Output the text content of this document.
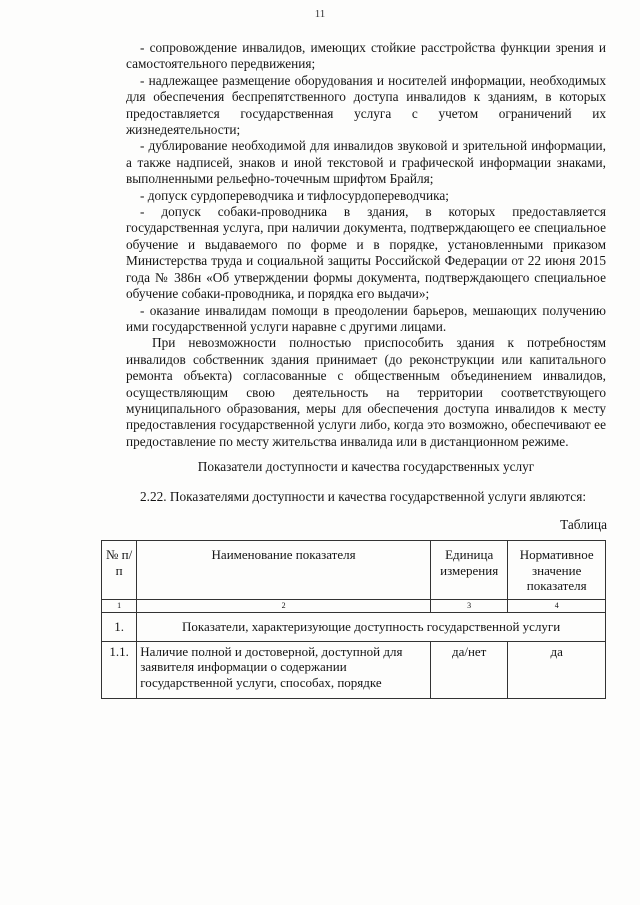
11

- сопровождение инвалидов, имеющих стойкие расстройства функции зрения и самостоятельного передвижения;

- надлежащее размещение оборудования и носителей информации, необходимых для обеспечения беспрепятственного доступа инвалидов к зданиям, в которых предоставляется государственная услуга с учетом ограничений их жизнедеятельности;

- дублирование необходимой для инвалидов звуковой и зрительной информации, а также надписей, знаков и иной текстовой и графической информации знаками, выполненными рельефно-точечным шрифтом Брайля;

- допуск сурдопереводчика и тифлосурдопереводчика;

- допуск собаки-проводника в здания, в которых предоставляется государственная услуга, при наличии документа, подтверждающего ее специальное обучение и выдаваемого по форме и в порядке, установленными приказом Министерства труда и социальной защиты Российской Федерации от 22 июня 2015 года № 386н «Об утверждении формы документа, подтверждающего специальное обучение собаки-проводника, и порядка его выдачи»;

- оказание инвалидам помощи в преодолении барьеров, мешающих получению ими государственной услуги наравне с другими лицами.

При невозможности полностью приспособить здания к потребностям инвалидов собственник здания принимает (до реконструкции или капитального ремонта объекта) согласованные с общественным объединением инвалидов, осуществляющим свою деятельность на территории соответствующего муниципального образования, меры для обеспечения доступа инвалидов к месту предоставления государственной услуги либо, когда это возможно, обеспечивают ее предоставление по месту жительства инвалида или в дистанционном режиме.

Показатели доступности и качества государственных услуг

2.22. Показателями доступности и качества государственной услуги являются:

Таблица
№ п/п	Наименование показателя	Единица измерения	Нормативное значение показателя
1	2	3	4
1.	Показатели, характеризующие доступность государственной услуги		
1.1.	Наличие полной и достоверной, доступной для заявителя информации о содержании государственной услуги, способах, порядке	да/нет	да
